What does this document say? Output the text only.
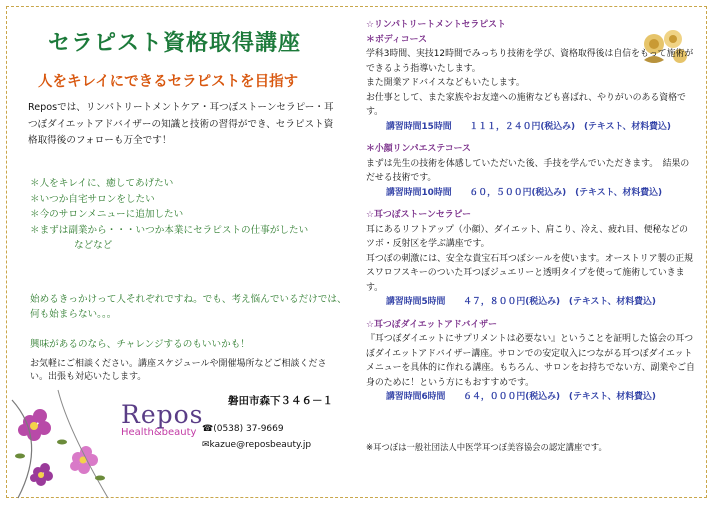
セラピスト資格取得講座
人をキレイにできるセラピストを目指す
Reposでは、リンパトリートメントケア・耳つぼストーンセラピー・耳つぼダイエットアドバイザーの知識と技術の習得ができ、セラピスト資格取得後のフォローも万全です！
＊人をキレイに、癒してあげたい
＊いつか自宅サロンをしたい
＊今のサロンメニューに追加したい
＊まずは副業から・・・いつか本業にセラピストの仕事がしたい
などなど
始めるきっかけって人それぞれですね。でも、考え悩んでいるだけでは、何も始まらない。。。
興味があるのなら、チャレンジするのもいいかも！
お気軽にご相談ください。講座スケジュールや開催場所などご相談ください。出張も対応いたします。
磐田市森下３４６－１
Repos
Health&beauty ☎(0538) 37-9669
✉kazue@reposbeauty.jp
☆リンパトリートメントセラピスト
＊ボディコース
学科3時間、実技12時間でみっちり技術を学び、資格取得後は自信をもって施術ができるよう指導いたします。
また開業アドバイスなどもいたします。
お仕事として、また家族やお友達への施術なども喜ばれ、やりがいのある資格です。
講習時間15時間　　１１１，２４０円(税込み)　(テキスト、材料費込)
＊小顔リンパエステコース
まずは先生の技術を体感していただいた後、手技を学んでいただきます。　結果のだせる技術です。
講習時間10時間　　６０，５００円(税込み)　(テキスト、材料費込)
☆耳つぼストーンセラピー
耳にあるリフトアップ（小顔）、ダイエット、肩こり、冷え、疲れ目、便秘などのツボ・反射区を学ぶ講座です。
耳つぼの刺激には、安全な貴宝石耳つぼシールを使います。オーストリア製の正規スワロフスキーのついた耳つぼジュエリーと透明タイプを使って施術していきます。
講習時間5時間　　４７，８００円(税込み)　(テキスト、材料費込)
☆耳つぼダイエットアドバイザー
『耳つぼダイエットにサプリメントは必要ない』ということを証明した協会の耳つぼダイエットアドバイザー講座。サロンでの安定収入につながる耳つぼダイエットメニューを具体的に作れる講座。もちろん、サロンをお持ちでない方、副業やご自身のために！という方にもおすすめです。
講習時間6時間　　６４，０００円(税込み)　(テキスト、材料費込)
※耳つぼは一般社団法人中医学耳つぼ美容協会の認定講座です。
